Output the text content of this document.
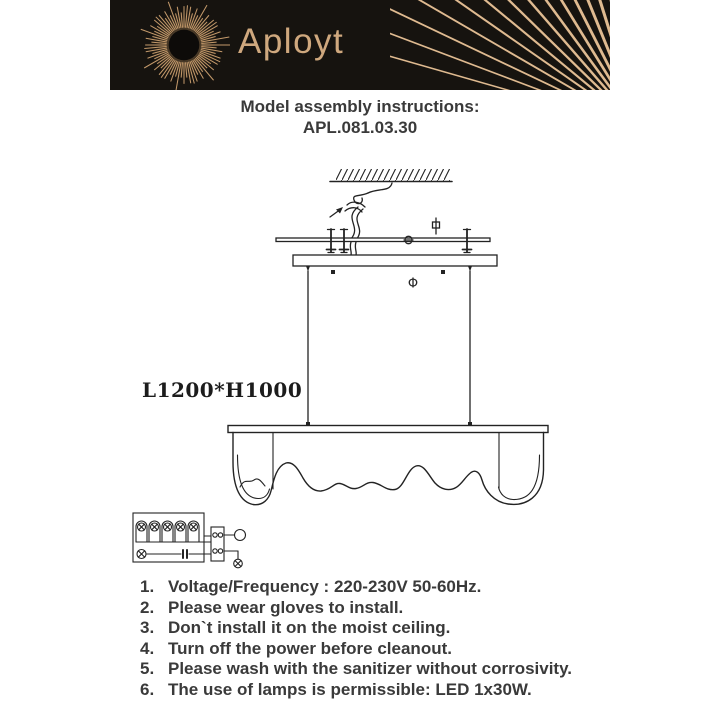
Aployt
Model assembly instructions:
APL.081.03.30
Φ
Φ
L1200*H1000
1. Voltage/Frequency : 220-230V 50-60Hz.
2. Please wear gloves to install.
3. Don`t install it on the moist ceiling.
4. Turn off the power before cleanout.
5. Please wash with the sanitizer without corrosivity.
6. The use of lamps is permissible: LED 1x30W.
